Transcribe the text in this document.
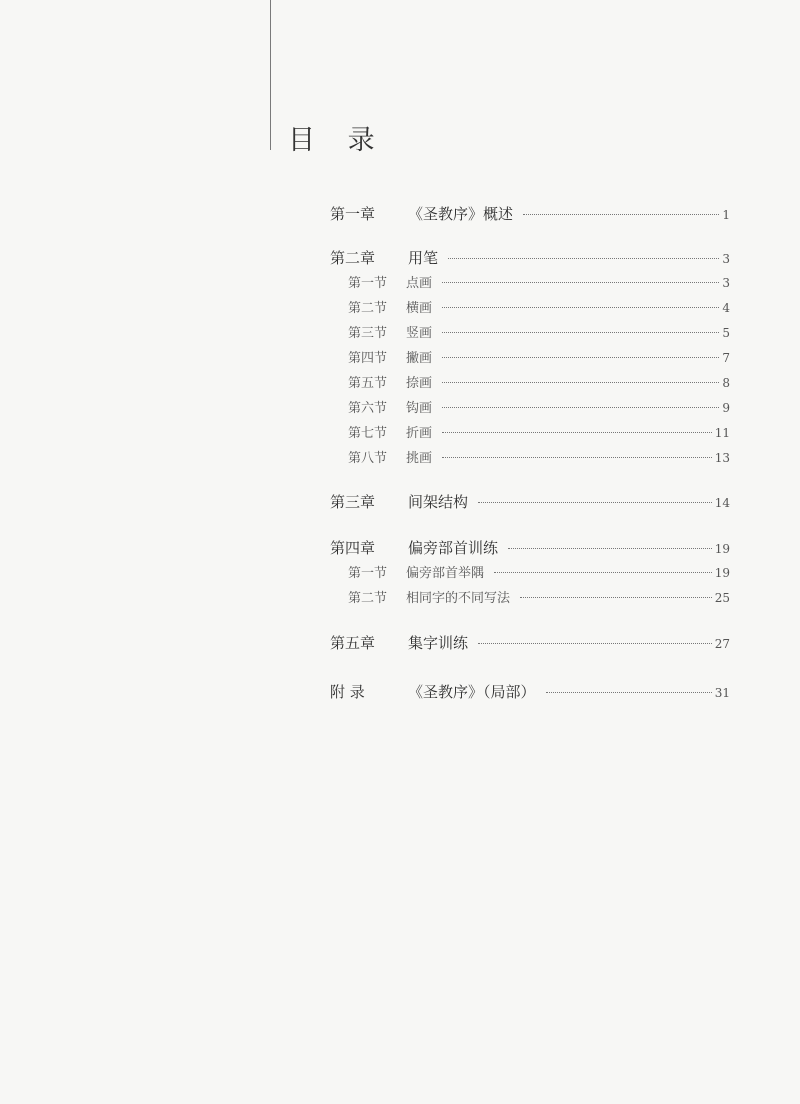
目 录
第一章 《圣教序》概述	1
第二章 用笔	3
第一节 点画	3
第二节 横画	4
第三节 竖画	5
第四节 撇画	7
第五节 捺画	8
第六节 钩画	9
第七节 折画	11
第八节 挑画	13
第三章 间架结构	14
第四章 偏旁部首训练	19
第一节 偏旁部首举隅	19
第二节 相同字的不同写法	25
第五章 集字训练	27
附 录	《圣教序》（局部）	31
